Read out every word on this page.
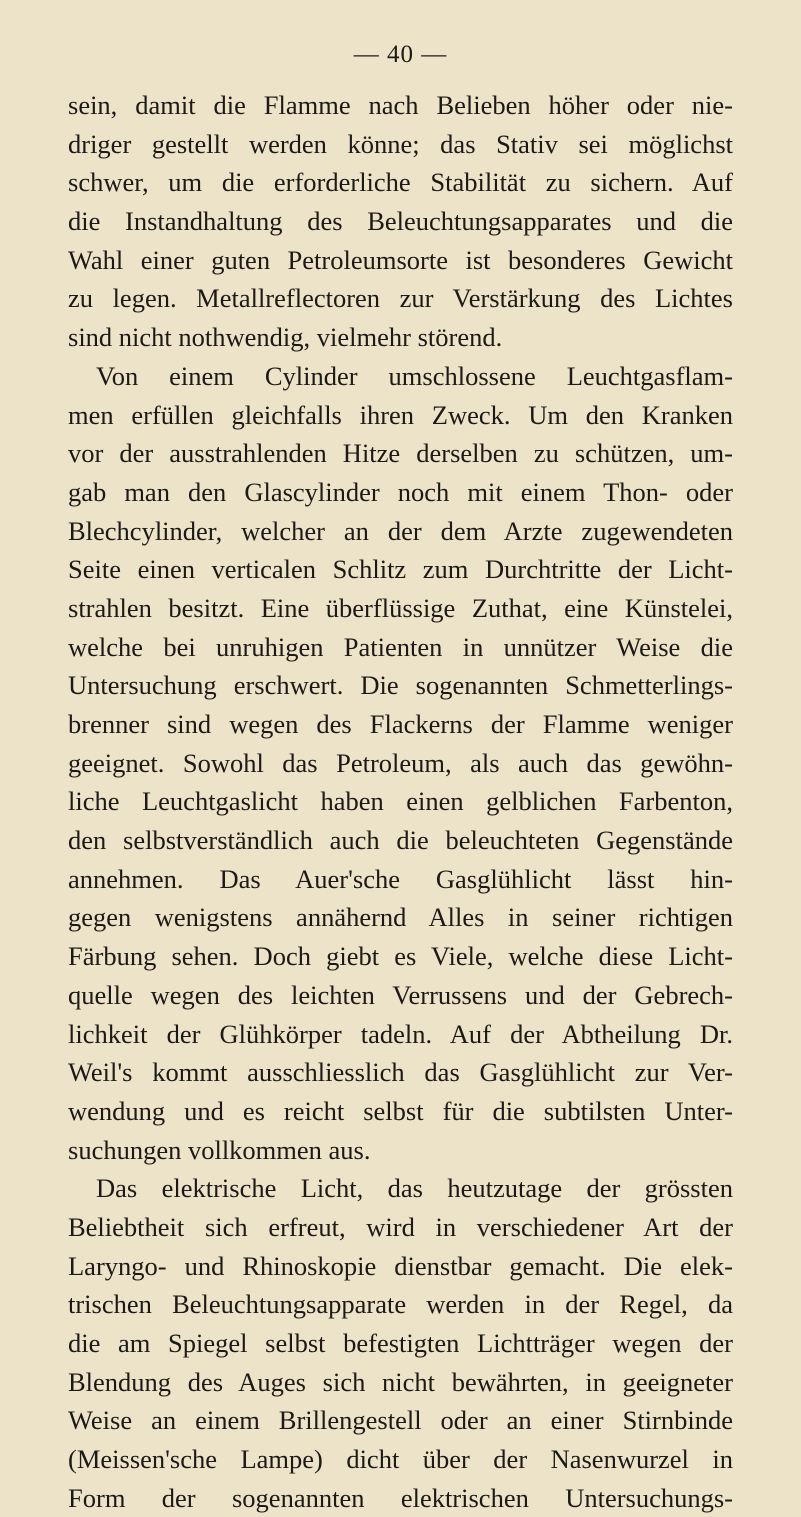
— 40 —
sein, damit die Flamme nach Belieben höher oder nie-
driger gestellt werden könne; das Stativ sei möglichst
schwer, um die erforderliche Stabilität zu sichern. Auf
die Instandhaltung des Beleuchtungsapparates und die
Wahl einer guten Petroleumsorte ist besonderes Gewicht
zu legen. Metallreflectoren zur Verstärkung des Lichtes
sind nicht nothwendig, vielmehr störend.
Von einem Cylinder umschlossene Leuchtgasflam-
men erfüllen gleichfalls ihren Zweck. Um den Kranken
vor der ausstrahlenden Hitze derselben zu schützen, um-
gab man den Glascylinder noch mit einem Thon- oder
Blechcylinder, welcher an der dem Arzte zugewendeten
Seite einen verticalen Schlitz zum Durchtritte der Licht-
strahlen besitzt. Eine überflüssige Zuthat, eine Künstelei,
welche bei unruhigen Patienten in unnützer Weise die
Untersuchung erschwert. Die sogenannten Schmetterlings-
brenner sind wegen des Flackerns der Flamme weniger
geeignet. Sowohl das Petroleum, als auch das gewöhn-
liche Leuchtgaslicht haben einen gelblichen Farbenton,
den selbstverständlich auch die beleuchteten Gegenstände
annehmen. Das Auer'sche Gasglühlicht lässt hin-
gegen wenigstens annähernd Alles in seiner richtigen
Färbung sehen. Doch giebt es Viele, welche diese Licht-
quelle wegen des leichten Verrussens und der Gebrech-
lichkeit der Glühkörper tadeln. Auf der Abtheilung Dr.
Weil's kommt ausschliesslich das Gasglühlicht zur Ver-
wendung und es reicht selbst für die subtilsten Unter-
suchungen vollkommen aus.
Das elektrische Licht, das heutzutage der grössten
Beliebtheit sich erfreut, wird in verschiedener Art der
Laryngo- und Rhinoskopie dienstbar gemacht. Die elek-
trischen Beleuchtungsapparate werden in der Regel, da
die am Spiegel selbst befestigten Lichtträger wegen der
Blendung des Auges sich nicht bewährten, in geeigneter
Weise an einem Brillengestell oder an einer Stirnbinde
(Meissen'sche Lampe) dicht über der Nasenwurzel in
Form der sogenannten elektrischen Untersuchungs-
